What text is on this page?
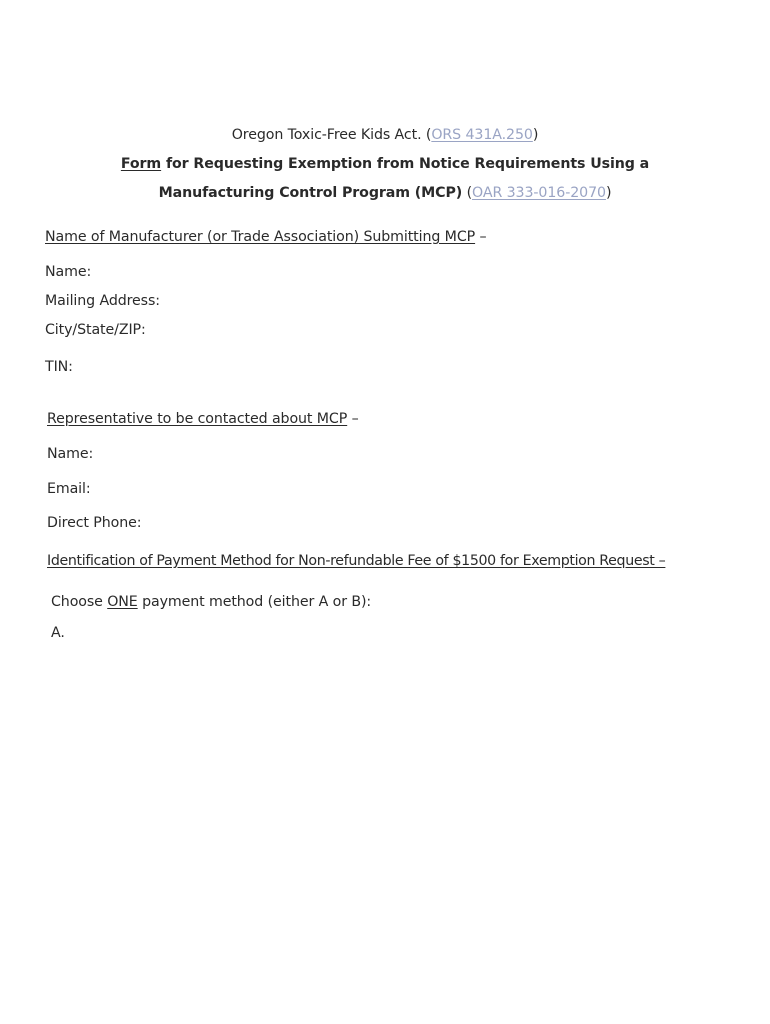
Oregon Toxic-Free Kids Act. (ORS 431A.250)
Form for Requesting Exemption from Notice Requirements Using a
Manufacturing Control Program (MCP) (OAR 333-016-2070)
Name of Manufacturer (or Trade Association) Submitting MCP –
Name:
Mailing Address:
City/State/ZIP:
TIN:
Representative to be contacted about MCP –
Name:
Email:
Direct Phone:
Identification of Payment Method for Non-refundable Fee of $1500 for Exemption Request –
Choose ONE payment method (either A or B):
A.
